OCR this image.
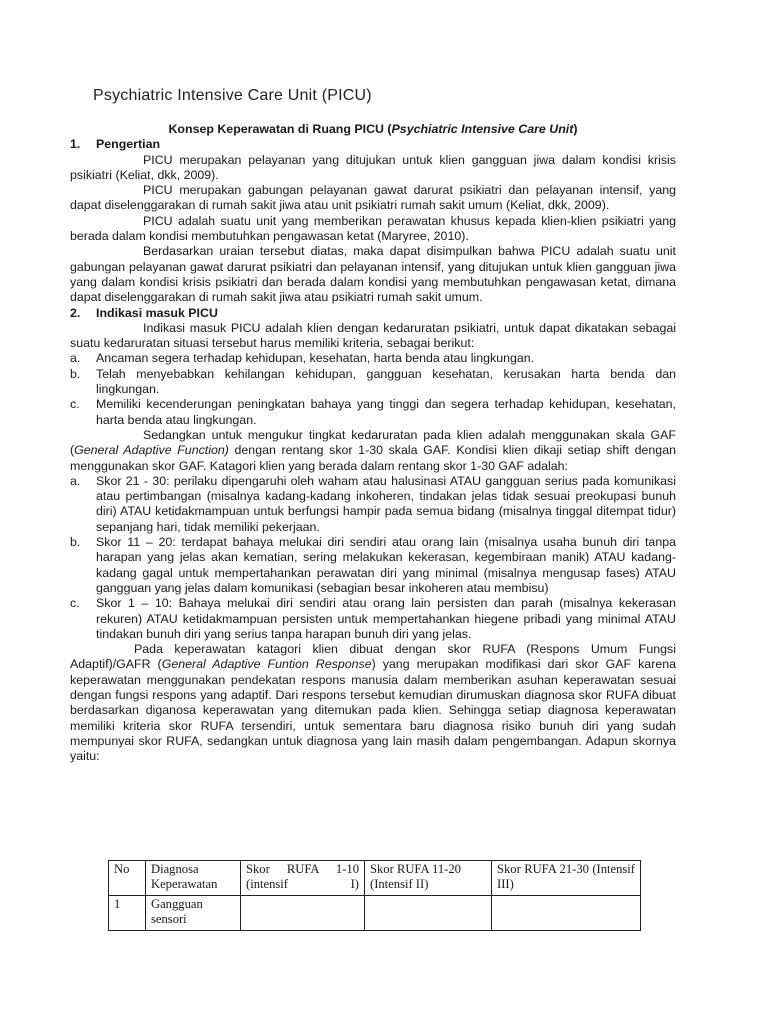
Psychiatric Intensive Care Unit (PICU)

Konsep Keperawatan di Ruang PICU (Psychiatric Intensive Care Unit)

1.	Pengertian

PICU merupakan pelayanan yang ditujukan untuk klien gangguan jiwa dalam kondisi krisis psikiatri (Keliat, dkk, 2009).

PICU merupakan gabungan pelayanan gawat darurat psikiatri dan pelayanan intensif, yang dapat diselenggarakan di rumah sakit jiwa atau unit psikiatri rumah sakit umum (Keliat, dkk, 2009).

PICU adalah suatu unit yang memberikan perawatan khusus kepada klien-klien psikiatri yang berada dalam kondisi membutuhkan pengawasan ketat (Maryree, 2010).

Berdasarkan uraian tersebut diatas, maka dapat disimpulkan bahwa PICU adalah suatu unit gabungan pelayanan gawat darurat psikiatri dan pelayanan intensif, yang ditujukan untuk klien gangguan jiwa yang dalam kondisi krisis psikiatri dan berada dalam kondisi yang membutuhkan pengawasan ketat, dimana dapat diselenggarakan di rumah sakit jiwa atau psikiatri rumah sakit umum.

2.	Indikasi masuk PICU

Indikasi masuk PICU adalah klien dengan kedaruratan psikiatri, untuk dapat dikatakan sebagai suatu kedaruratan situasi tersebut harus memiliki kriteria, sebagai berikut:

a.	Ancaman segera terhadap kehidupan, kesehatan, harta benda atau lingkungan.
b.	Telah menyebabkan kehilangan kehidupan, gangguan kesehatan, kerusakan harta benda dan lingkungan.
c.	Memiliki kecenderungan peningkatan bahaya yang tinggi dan segera terhadap kehidupan, kesehatan, harta benda atau lingkungan.

Sedangkan untuk mengukur tingkat kedaruratan pada klien adalah menggunakan skala GAF (General Adaptive Function) dengan rentang skor 1-30 skala GAF. Kondisi klien dikaji setiap shift dengan menggunakan skor GAF. Katagori klien yang berada dalam rentang skor 1-30 GAF adalah:

a.	Skor 21 - 30: perilaku dipengaruhi oleh waham atau halusinasi ATAU gangguan serius pada komunikasi atau pertimbangan (misalnya kadang-kadang inkoheren, tindakan jelas tidak sesuai preokupasi bunuh diri) ATAU ketidakmampuan untuk berfungsi hampir pada semua bidang (misalnya tinggal ditempat tidur) sepanjang hari, tidak memiliki pekerjaan.
b.	Skor 11 – 20: terdapat bahaya melukai diri sendiri atau orang lain (misalnya usaha bunuh diri tanpa harapan yang jelas akan kematian, sering melakukan kekerasan, kegembiraan manik) ATAU kadang-kadang gagal untuk mempertahankan perawatan diri yang minimal (misalnya mengusap fases) ATAU gangguan yang jelas dalam komunikasi (sebagian besar inkoheren atau membisu)
c.	Skor 1 – 10: Bahaya melukai diri sendiri atau orang lain persisten dan parah (misalnya kekerasan rekuren) ATAU ketidakmampuan persisten untuk mempertahankan hiegene pribadi yang minimal ATAU tindakan bunuh diri yang serius tanpa harapan bunuh diri yang jelas.

Pada keperawatan katagori klien dibuat dengan skor RUFA (Respons Umum Fungsi Adaptif)/GAFR (General Adaptive Funtion Response) yang merupakan modifikasi dari skor GAF karena keperawatan menggunakan pendekatan respons manusia dalam memberikan asuhan keperawatan sesuai dengan fungsi respons yang adaptif. Dari respons tersebut kemudian dirumuskan diagnosa skor RUFA dibuat berdasarkan diganosa keperawatan yang ditemukan pada klien. Sehingga setiap diagnosa keperawatan memiliki kriteria skor RUFA tersendiri, untuk sementara baru diagnosa risiko bunuh diri yang sudah mempunyai skor RUFA, sedangkan untuk diagnosa yang lain masih dalam pengembangan. Adapun skornya yaitu:

No	Diagnosa Keperawatan	Skor RUFA 1-10 (intensif I)	Skor RUFA 11-20 (Intensif II)	Skor RUFA 21-30 (Intensif III)
1	Gangguan sensori			
